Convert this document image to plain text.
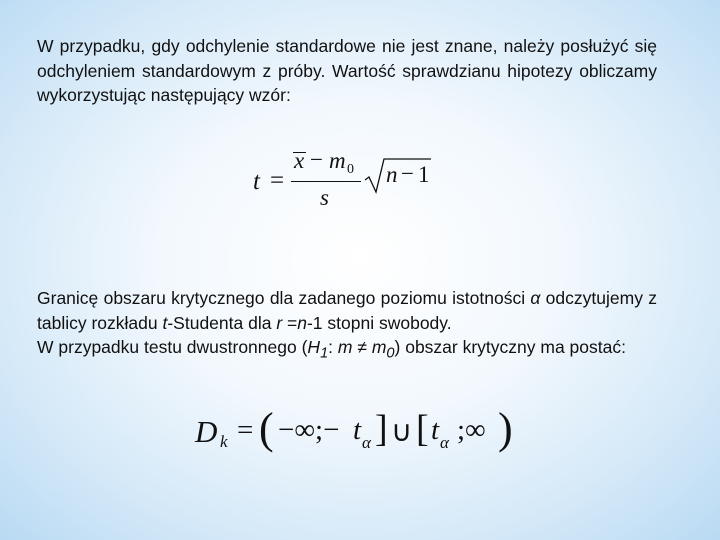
W przypadku, gdy odchylenie standardowe nie jest znane, należy posłużyć się odchyleniem standardowym z próby. Wartość sprawdzianu hipotezy obliczamy wykorzystując następujący wzór:
t =
x − m 0
s
n − 1
Granicę obszaru krytycznego dla zadanego poziomu istotności α odczytujemy z tablicy rozkładu t-Studenta dla r =n-1 stopni swobody.
W przypadku testu dwustronnego ($H_1$: $m \ne m_0$) obszar krytyczny ma postać:
D k = ( −∞;− t α ] ∪ [ t α ;∞ )
